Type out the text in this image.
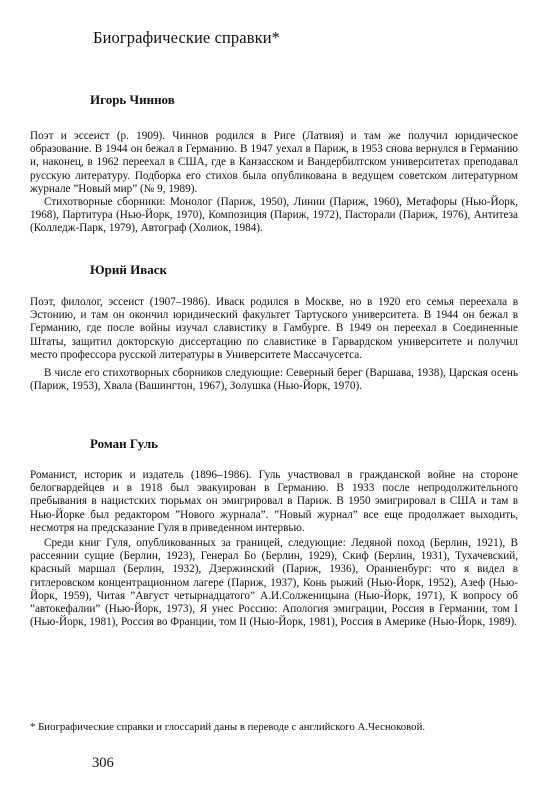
Биографические справки*

Игорь Чиннов

Поэт и эссеист (р. 1909). Чиннов родился в Риге (Латвия) и там же получил юридическое образование. В 1944 он бежал в Германию. В 1947 уехал в Париж, в 1953 снова вернулся в Германию и, наконец, в 1962 переехал в США, где в Канзасском и Вандербилтском университетах преподавал русскую литературу. Подборка его стихов была опубликована в ведущем советском литературном журнале ”Новый мир” (№ 9, 1989).

Стихотворные сборники: Монолог (Париж, 1950), Линии (Париж, 1960), Метафоры (Нью-Йорк, 1968), Партитура (Нью-Йорк, 1970), Композиция (Париж, 1972), Пасторали (Париж, 1976), Антитеза (Колледж-Парк, 1979), Автограф (Холиок, 1984).

Юрий Иваск

Поэт, филолог, эссеист (1907–1986). Иваск родился в Москве, но в 1920 его семья переехала в Эстонию, и там он окончил юридический факультет Тартуского университета. В 1944 он бежал в Германию, где после войны изучал славистику в Гамбурге. В 1949 он переехал в Соединенные Штаты, защитил докторскую диссертацию по славистике в Гарвардском университете и получил место профессора русской литературы в Университете Массачусетса.

В числе его стихотворных сборников следующие: Северный берег (Варшава, 1938), Царская осень (Париж, 1953), Хвала (Вашингтон, 1967), Золушка (Нью-Йорк, 1970).

Роман Гуль

Романист, историк и издатель (1896–1986). Гуль участвовал в гражданской войне на стороне белогвардейцев и в 1918 был эвакуирован в Германию. В 1933 после непродолжительного пребывания в нацистских тюрьмах он эмигрировал в Париж. В 1950 эмигрировал в США и там в Нью-Йорке был редактором ”Нового журнала”. ”Новый журнал” все еще продолжает выходить, несмотря на предсказание Гуля в приведенном интервью.

Среди книг Гуля, опубликованных за границей, следующие: Ледяной поход (Берлин, 1921), В рассеянии сущие (Берлин, 1923), Генерал Бо (Берлин, 1929), Скиф (Берлин, 1931), Тухачевский, красный маршал (Берлин, 1932), Дзержинский (Париж, 1936), Ораниенбург: что я видел в гитлеровском концентрационном лагере (Париж, 1937), Конь рыжий (Нью-Йорк, 1952), Азеф (Нью-Йорк, 1959), Читая ”Август четырнадцатого” А.И.Солженицына (Нью-Йорк, 1971), К вопросу об ”автокефалии” (Нью-Йорк, 1973), Я унес Россию: Апология эмиграции, Россия в Германии, том I (Нью-Йорк, 1981), Россия во Франции, том II (Нью-Йорк, 1981), Россия в Америке (Нью-Йорк, 1989).

* Биографические справки и глоссарий даны в переводе с английского А.Чесноковой.
306
